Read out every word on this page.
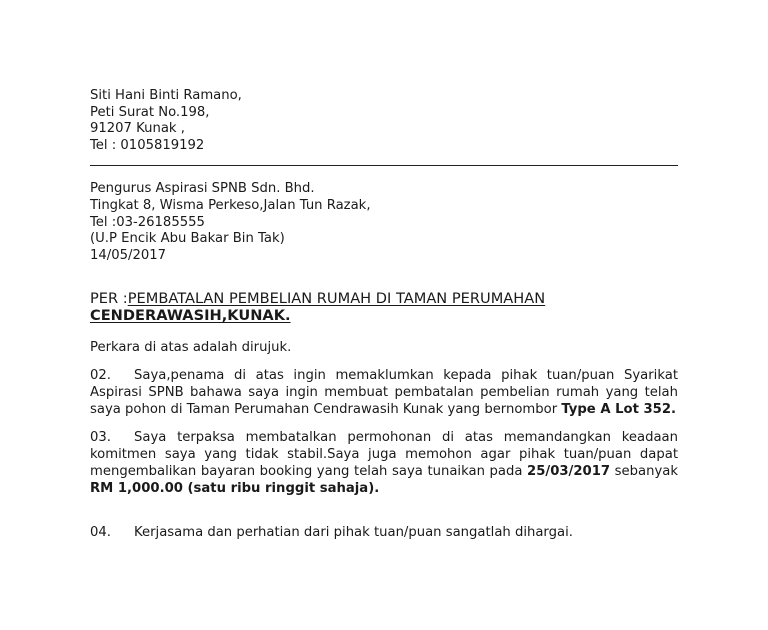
Siti Hani Binti Ramano,
Peti Surat No.198,
91207 Kunak ,
Tel : 0105819192
Pengurus Aspirasi SPNB Sdn. Bhd.
Tingkat 8, Wisma Perkeso,Jalan Tun Razak,
Tel :03-26185555
(U.P Encik Abu Bakar Bin Tak)
14/05/2017
PER :PEMBATALAN PEMBELIAN RUMAH DI TAMAN PERUMAHAN
CENDERAWASIH,KUNAK.
Perkara di atas adalah dirujuk.
02. Saya,penama di atas ingin memaklumkan kepada pihak tuan/puan Syarikat Aspirasi SPNB bahawa saya ingin membuat pembatalan pembelian rumah yang telah saya pohon di Taman Perumahan Cendrawasih Kunak yang bernombor Type A Lot 352.
03. Saya terpaksa membatalkan permohonan di atas memandangkan keadaan komitmen saya yang tidak stabil.Saya juga memohon agar pihak tuan/puan dapat mengembalikan bayaran booking yang telah saya tunaikan pada 25/03/2017 sebanyak RM 1,000.00 (satu ribu ringgit sahaja).
04. Kerjasama dan perhatian dari pihak tuan/puan sangatlah dihargai.
